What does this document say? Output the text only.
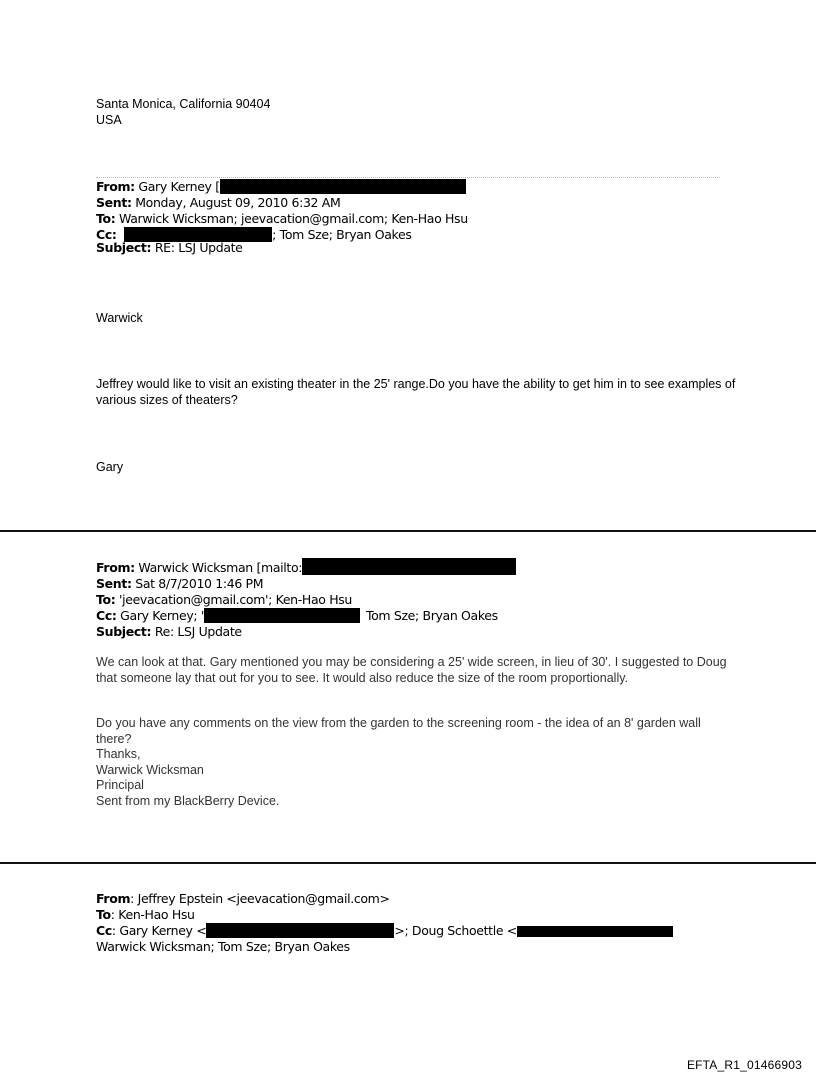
Santa Monica, California 90404
USA
From: Gary Kerney [
Sent: Monday, August 09, 2010 6:32 AM
To: Warwick Wicksman; jeevacation@gmail.com; Ken-Hao Hsu
Cc:	; Tom Sze; Bryan Oakes
Subject: RE: LSJ Update
Warwick
Jeffrey would like to visit an existing theater in the 25' range.Do you have the ability to get him in to see examples of various sizes of theaters?
Gary
From: Warwick Wicksman [mailto:
Sent: Sat 8/7/2010 1:46 PM
To: 'jeevacation@gmail.com'; Ken-Hao Hsu
Cc: Gary Kerney; '	Tom Sze; Bryan Oakes
Subject: Re: LSJ Update
We can look at that. Gary mentioned you may be considering a 25' wide screen, in lieu of 30'. I suggested to Doug that someone lay that out for you to see. It would also reduce the size of the room proportionally.
Do you have any comments on the view from the garden to the screening room - the idea of an 8' garden wall there?
Thanks,
Warwick Wicksman
Principal
Sent from my BlackBerry Device.
From: Jeffrey Epstein <jeevacation@gmail.com>
To: Ken-Hao Hsu
Cc: Gary Kerney <	>; Doug Schoettle <
Warwick Wicksman; Tom Sze; Bryan Oakes
EFTA_R1_01466903
